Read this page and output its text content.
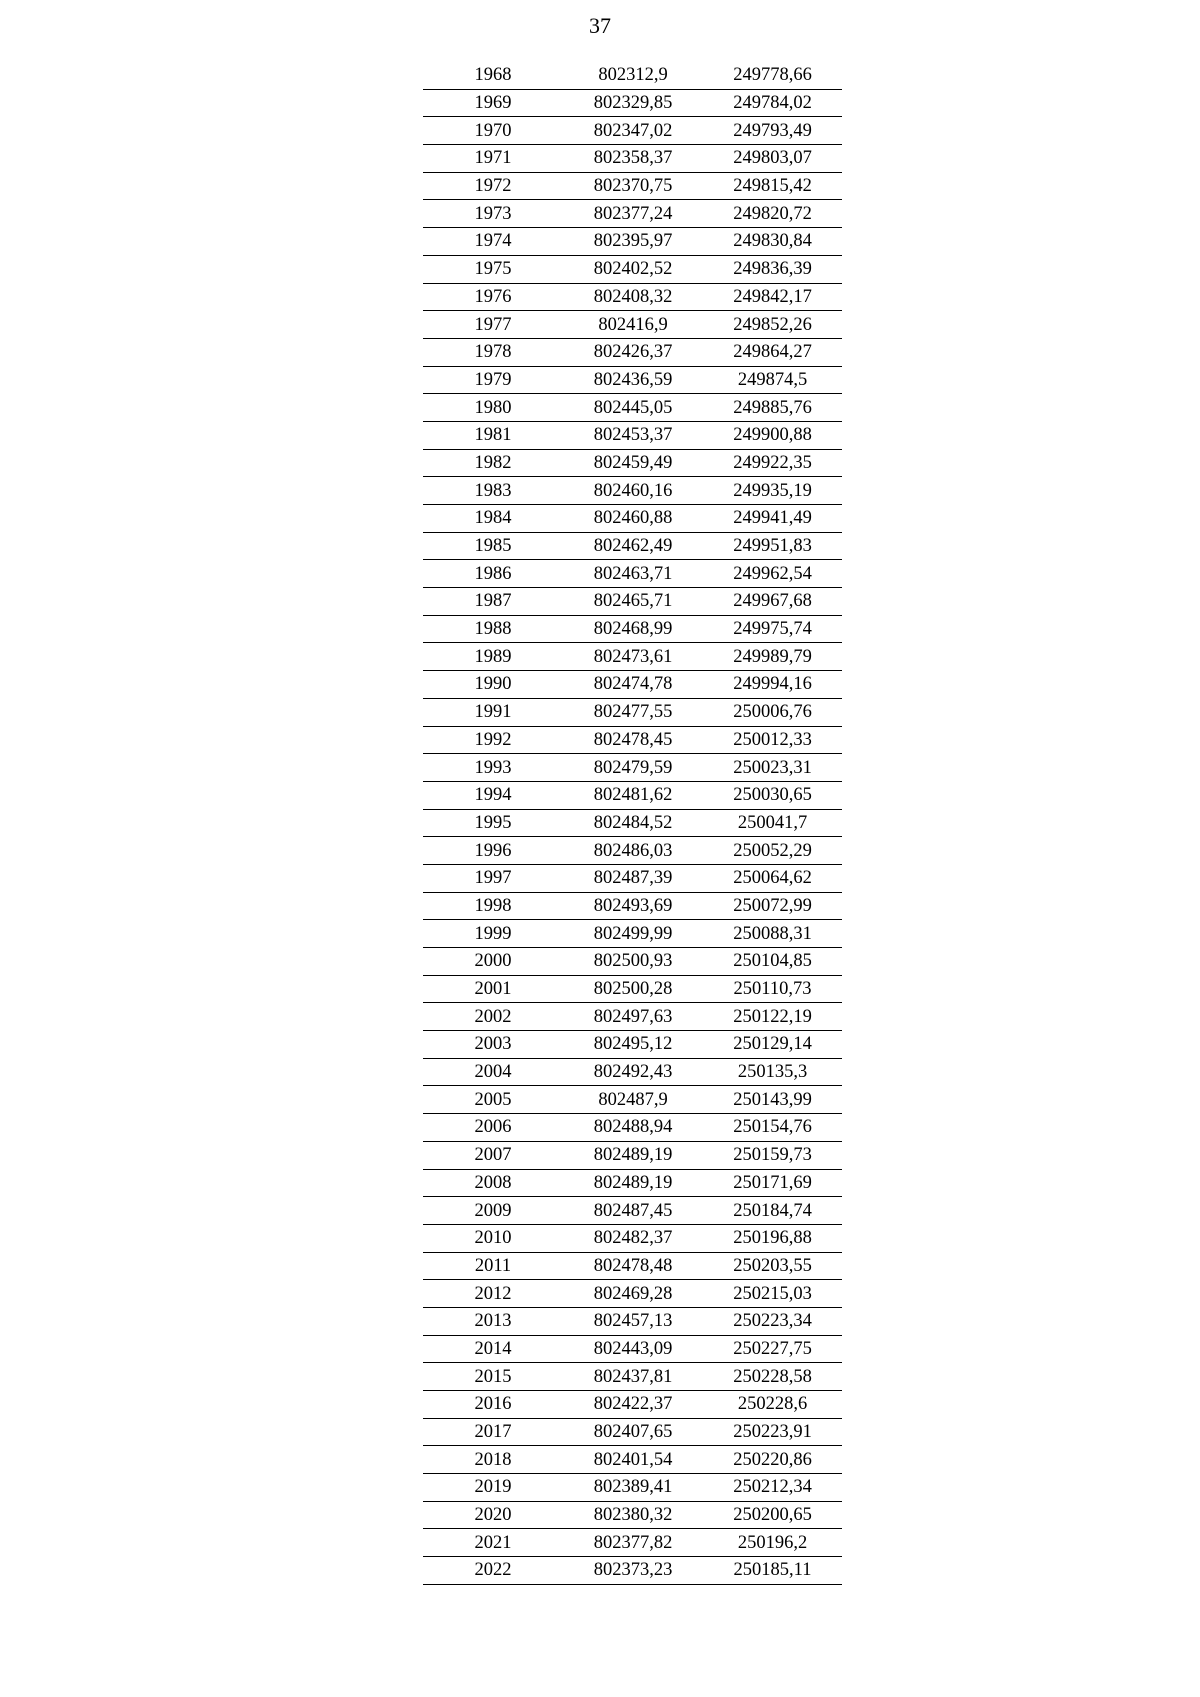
37
1968	802312,9	249778,66
1969	802329,85	249784,02
1970	802347,02	249793,49
1971	802358,37	249803,07
1972	802370,75	249815,42
1973	802377,24	249820,72
1974	802395,97	249830,84
1975	802402,52	249836,39
1976	802408,32	249842,17
1977	802416,9	249852,26
1978	802426,37	249864,27
1979	802436,59	249874,5
1980	802445,05	249885,76
1981	802453,37	249900,88
1982	802459,49	249922,35
1983	802460,16	249935,19
1984	802460,88	249941,49
1985	802462,49	249951,83
1986	802463,71	249962,54
1987	802465,71	249967,68
1988	802468,99	249975,74
1989	802473,61	249989,79
1990	802474,78	249994,16
1991	802477,55	250006,76
1992	802478,45	250012,33
1993	802479,59	250023,31
1994	802481,62	250030,65
1995	802484,52	250041,7
1996	802486,03	250052,29
1997	802487,39	250064,62
1998	802493,69	250072,99
1999	802499,99	250088,31
2000	802500,93	250104,85
2001	802500,28	250110,73
2002	802497,63	250122,19
2003	802495,12	250129,14
2004	802492,43	250135,3
2005	802487,9	250143,99
2006	802488,94	250154,76
2007	802489,19	250159,73
2008	802489,19	250171,69
2009	802487,45	250184,74
2010	802482,37	250196,88
2011	802478,48	250203,55
2012	802469,28	250215,03
2013	802457,13	250223,34
2014	802443,09	250227,75
2015	802437,81	250228,58
2016	802422,37	250228,6
2017	802407,65	250223,91
2018	802401,54	250220,86
2019	802389,41	250212,34
2020	802380,32	250200,65
2021	802377,82	250196,2
2022	802373,23	250185,11
